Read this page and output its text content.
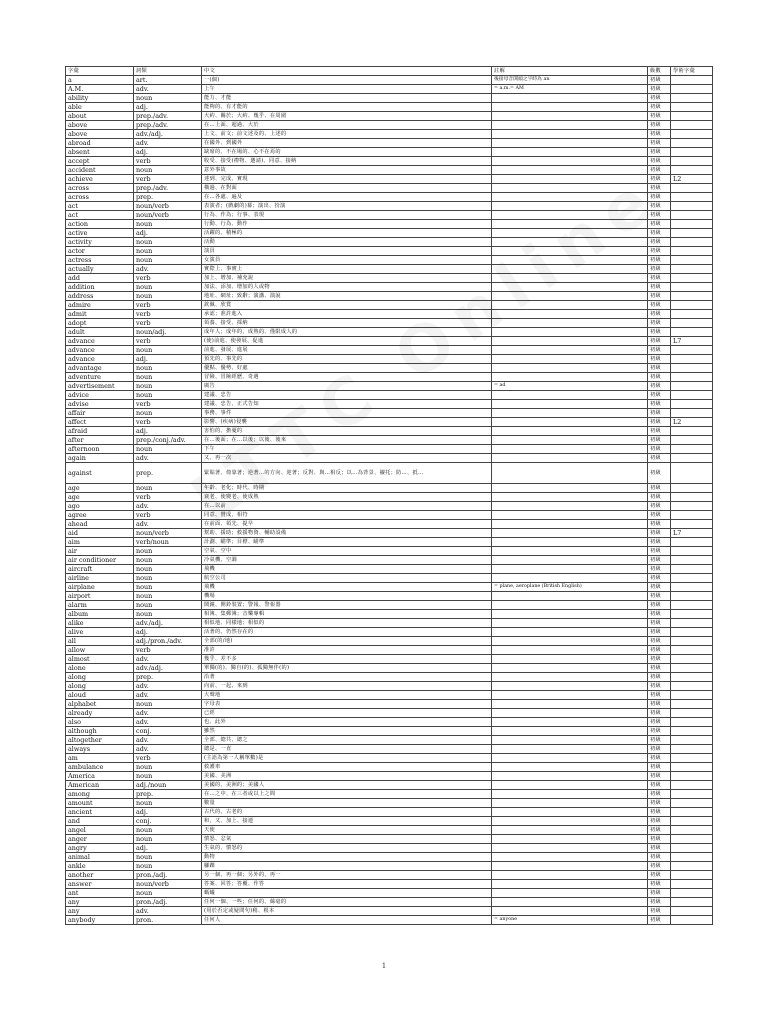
字彙	詞類	中文	註解	級數	學術字彙
a	art.	一(個)	後接母音開頭之字時為 an	初級	
A.M.	adv.	上午	= a.m.= AM	初級	
ability	noun	能力、才能		初級	
able	adj.	能夠的、有才能的		初級	
about	prep./adv.	大約、關於；大約、幾乎、在周圍		初級	
above	prep./adv.	在…上面、超過、大於		初級	
above	adv./adj.	上文、前文；前文述及的、上述的		初級	
abroad	adv.	在國外、到國外		初級	
absent	adj.	缺席的、不在場的、心不在焉的		初級	
accept	verb	收受、接受(禮物、邀請)、同意、接納		初級	
accident	noun	意外事故		初級	
achieve	verb	達到、完成、實現		初級	L2
across	prep./adv.	橫過、在對面		初級	
across	prep.	在…各處、遍及		初級	
act	noun/verb	表演者；(戲劇的)幕；演出、扮演		初級	
act	noun/verb	行為、作為；行事、表現		初級	
action	noun	行動、行為、動作		初級	
active	adj.	活躍的、積極的		初級	
activity	noun	活動		初級	
actor	noun	演員		初級	
actress	noun	女演員		初級	
actually	adv.	實際上、事實上		初級	
add	verb	加上、增加、補充說		初級	
addition	noun	加法、添加、增加的人或物		初級	
address	noun	地址、網址；致辭；演講、演說		初級	
admire	verb	欽佩、欣賞		初級	
admit	verb	承認；准許進入		初級	
adopt	verb	領養、接受、採納		初級	
adult	noun/adj.	成年人；成年的、成熟的、僅限成人的		初級	
advance	verb	(使)前進、使發展、促進		初級	L7
advance	noun	前進、發展、進展		初級	
advance	adj.	預先的、事先的		初級	
advantage	noun	優點、優勢、好處		初級	
adventure	noun	冒險、冒險經歷、奇遇		初級	
advertisement	noun	廣告	= ad	初級	
advice	noun	建議、忠告		初級	
advise	verb	建議、忠告、正式告知		初級	
affair	noun	事務、事件		初級	
affect	verb	影響、(疾病)侵襲		初級	L2
afraid	adj.	害怕的、擔憂的		初級	
after	prep./conj./adv.	在…後面；在…以後；以後、後來		初級	
afternoon	noun	下午		初級	
again	adv.	又、再一次		初級	
against	prep.	緊貼著、倚靠著；逆著…的方向、迎著；反對、與…相反；以…為背景、襯托；防…、抵…		初級	
age	noun	年齡、老化；時代、時期		初級	
age	verb	衰老、使變老、使成熟		初級	
ago	adv.	在…以前		初級	
agree	verb	同意、贊成、相符		初級	
ahead	adv.	在前面、領先、提早		初級	
aid	noun/verb	幫助、援助；救援物資、輔助設備		初級	L7
aim	verb/noun	計劃、瞄準；目標、瞄準		初級	
air	noun	空氣、空中		初級	
air conditioner	noun	冷氣機、空調		初級	
aircraft	noun	飛機		初級	
airline	noun	航空公司		初級	
airplane	noun	飛機	= plane, aeroplane (British English)	初級	
airport	noun	機場		初級	
alarm	noun	鬧鐘、開鈴裝置；警報、警報器		初級	
album	noun	相簿、集郵簿；音樂專輯		初級	
alike	adv./adj.	相似地、同樣地；相似的		初級	
alive	adj.	活著的、仍然存在的		初級	
all	adj./pron./adv.	全部(的/地)		初級	
allow	verb	准許		初級	
almost	adv.	幾乎、差不多		初級	
alone	adv./adj.	單獨(的)、獨自(的)、孤獨無伴(的)		初級	
along	prep.	沿著		初級	
along	adv.	向前、一起、來到		初級	
aloud	adv.	大聲地		初級	
alphabet	noun	字母表		初級	
already	adv.	已經		初級	
also	adv.	也、此外		初級	
although	conj.	雖然		初級	
altogether	adv.	全部、總共、總之		初級	
always	adv.	總是、一直		初級	
am	verb	(主語為第一人稱單數)是		初級	
ambulance	noun	救護車		初級	
America	noun	美國、美洲		初級	
American	adj./noun	美國的、美洲的；美國人		初級	
among	prep.	在…之中、在三者或以上之間		初級	
amount	noun	數量		初級	
ancient	adj.	古代的、古老的		初級	
and	conj.	和、又、加上、接連		初級	
angel	noun	天使		初級	
anger	noun	憤怒、忿氣		初級	
angry	adj.	生氣的、憤怒的		初級	
animal	noun	動物		初級	
ankle	noun	腳踝		初級	
another	pron./adj.	另一個、再一個；另外的、再一		初級	
answer	noun/verb	答案、回答；答覆、作答		初級	
ant	noun	螞蟻		初級	
any	pron./adj.	任何一個、一些；任何的、絲毫的		初級	
any	adv.	(用於否定或疑問句)稍、根本		初級	
anybody	pron.	任何人	= anyone	初級	
1
